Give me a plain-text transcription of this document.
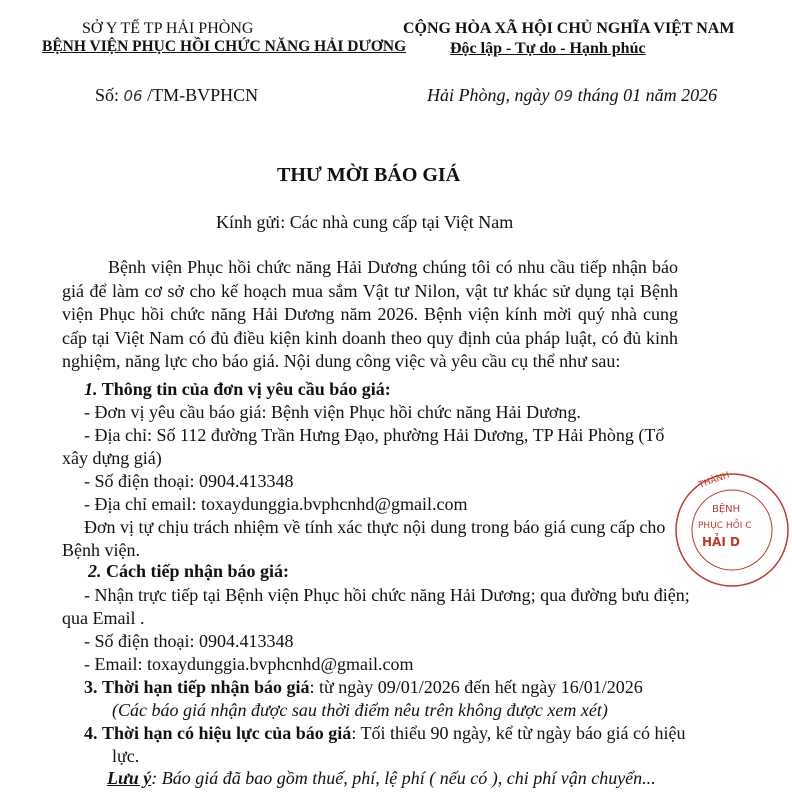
SỞ Y TẾ TP HẢI PHÒNG
BỆNH VIỆN PHỤC HỒI CHỨC NĂNG HẢI DƯƠNG
CỘNG HÒA XÃ HỘI CHỦ NGHĨA VIỆT NAM
Độc lập - Tự do - Hạnh phúc
Số: 06 /TM-BVPHCN	Hải Phòng, ngày 09 tháng 01 năm 2026
THƯ MỜI BÁO GIÁ
Kính gửi: Các nhà cung cấp tại Việt Nam
Bệnh viện Phục hồi chức năng Hải Dương chúng tôi có nhu cầu tiếp nhận báo giá để làm cơ sở cho kế hoạch mua sắm Vật tư Nilon, vật tư khác sử dụng tại Bệnh viện Phục hồi chức năng Hải Dương năm 2026. Bệnh viện kính mời quý nhà cung cấp tại Việt Nam có đủ điều kiện kinh doanh theo quy định của pháp luật, có đủ kinh nghiệm, năng lực cho báo giá. Nội dung công việc và yêu cầu cụ thể như sau:
1. Thông tin của đơn vị yêu cầu báo giá:
- Đơn vị yêu cầu báo giá: Bệnh viện Phục hồi chức năng Hải Dương.
- Địa chỉ: Số 112 đường Trần Hưng Đạo, phường Hải Dương, TP Hải Phòng (Tổ
xây dựng giá)
- Số điện thoại: 0904.413348
- Địa chỉ email: toxaydunggia.bvphcnhd@gmail.com
Đơn vị tự chịu trách nhiệm về tính xác thực nội dung trong báo giá cung cấp cho
Bệnh viện.
2. Cách tiếp nhận báo giá:
- Nhận trực tiếp tại Bệnh viện Phục hồi chức năng Hải Dương; qua đường bưu điện;
qua Email .
- Số điện thoại: 0904.413348
- Email: toxaydunggia.bvphcnhd@gmail.com
3. Thời hạn tiếp nhận báo giá: từ ngày 09/01/2026 đến hết ngày 16/01/2026
(Các báo giá nhận được sau thời điểm nêu trên không được xem xét)
4. Thời hạn có hiệu lực của báo giá: Tối thiểu 90 ngày, kể từ ngày báo giá có hiệu
lực.
Lưu ý: Báo giá đã bao gồm thuế, phí, lệ phí ( nếu có ), chi phí vận chuyển...
THÀNH
BỆNH
PHỤC HỒI C
HẢI D
